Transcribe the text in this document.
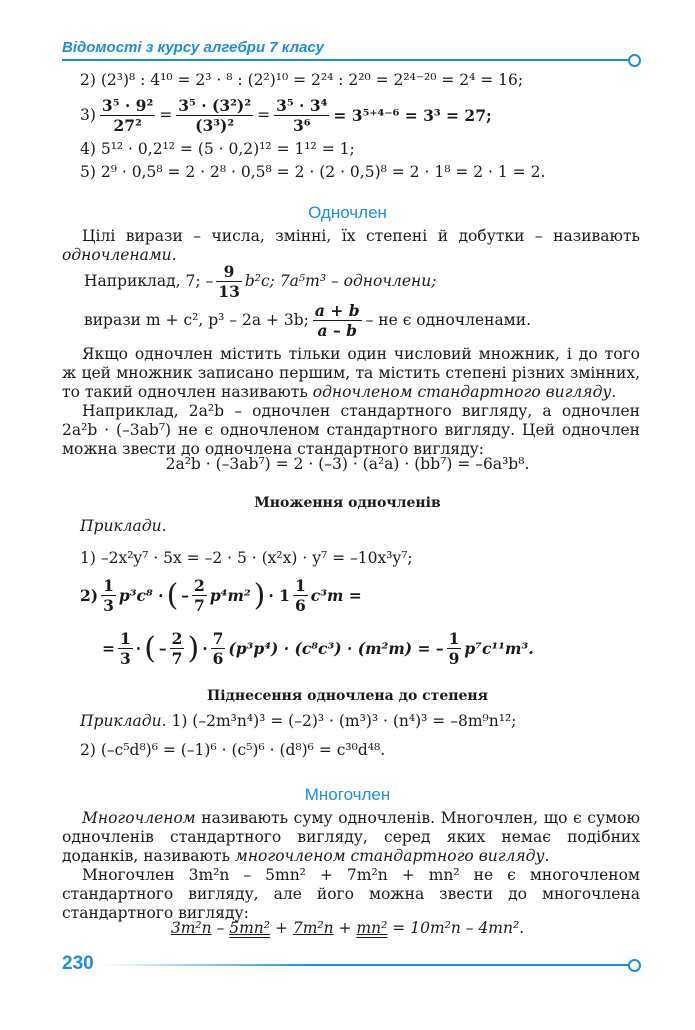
Відомості з курсу алгебри 7 класу
2) (2³)⁸ : 4¹⁰ = 2³ · ⁸ : (2²)¹⁰ = 2²⁴ : 2²⁰ = 2²⁴⁻²⁰ = 2⁴ = 16;
$3) \frac{\text{3⁵ · 9²}}{\text{27²}} = \frac{\text{3⁵ · (3²)²}}{\text{(3³)²}} = \frac{\text{3⁵ · 3⁴}}{\text{3⁶}} = 3^{5+4-6} = 3^3 = 27$;
4) 5¹² · 0,2¹² = (5 · 0,2)¹² = 1¹² = 1;
5) 2⁹ · 0,5⁸ = 2 · 2⁸ · 0,5⁸ = 2 · (2 · 0,5)⁸ = 2 · 1⁸ = 2 · 1 = 2.
Одночлен
Цілі вирази – числа, змінні, їх степені й добутки – називають одночленами.
Наприклад, 7; – $\frac{9}{13} b^2c$; 7a⁵m³ – одночлени;
вирази m + c², p³ – 2a + 3b; $\frac{a + b}{a - b}$ – не є одночленами.
Якщо одночлен містить тільки один числовий множник, і до того ж цей множник записано першим, та містить степені різних змінних, то такий одночлен називають одночленом стандартного вигляду.
Наприклад, 2a²b – одночлен стандартного вигляду, а одночлен 2a²b · (–3ab⁷) не є одночленом стандартного вигляду. Цей одночлен можна звести до одночлена стандартного вигляду:
2a²b · (–3ab⁷) = 2 · (–3) · (a²a) · (bb⁷) = –6a³b⁸.
Множення одночленів
Приклади.
1) –2x²y⁷ · 5x = –2 · 5 · (x²x) · y⁷ = –10x³y⁷;
$2) \frac{1}{3} p^3c^8$ · ( – $\frac{2}{7} p^4m^2$ ) · $1 \frac{1}{6} c^3m$ =
= $\frac{1}{3}$ · ( – $\frac{2}{7}$ ) · $\frac{7}{6} (p^3p^4) \cdot (c^8c^3) \cdot (m^2m)$ = – $\frac{1}{9} p^7c^{11}m^3$.
Піднесення одночлена до степеня
Приклади. 1) (–2m³n⁴)³ = (–2)³ · (m³)³ · (n⁴)³ = –8m⁹n¹²;
2) (–c⁵d⁸)⁶ = (–1)⁶ · (c⁵)⁶ · (d⁸)⁶ = c³⁰d⁴⁸.
Многочлен
Многочленом називають суму одночленів. Многочлен, що є сумою одночленів стандартного вигляду, серед яких немає подібних доданків, називають многочленом стандартного вигляду.
Многочлен 3m²n – 5mn² + 7m²n + mn² не є многочленом стандартного вигляду, але його можна звести до многочлена стандартного вигляду:
3m²n – 5mn² + 7m²n + mn² = 10m²n – 4mn².
230
